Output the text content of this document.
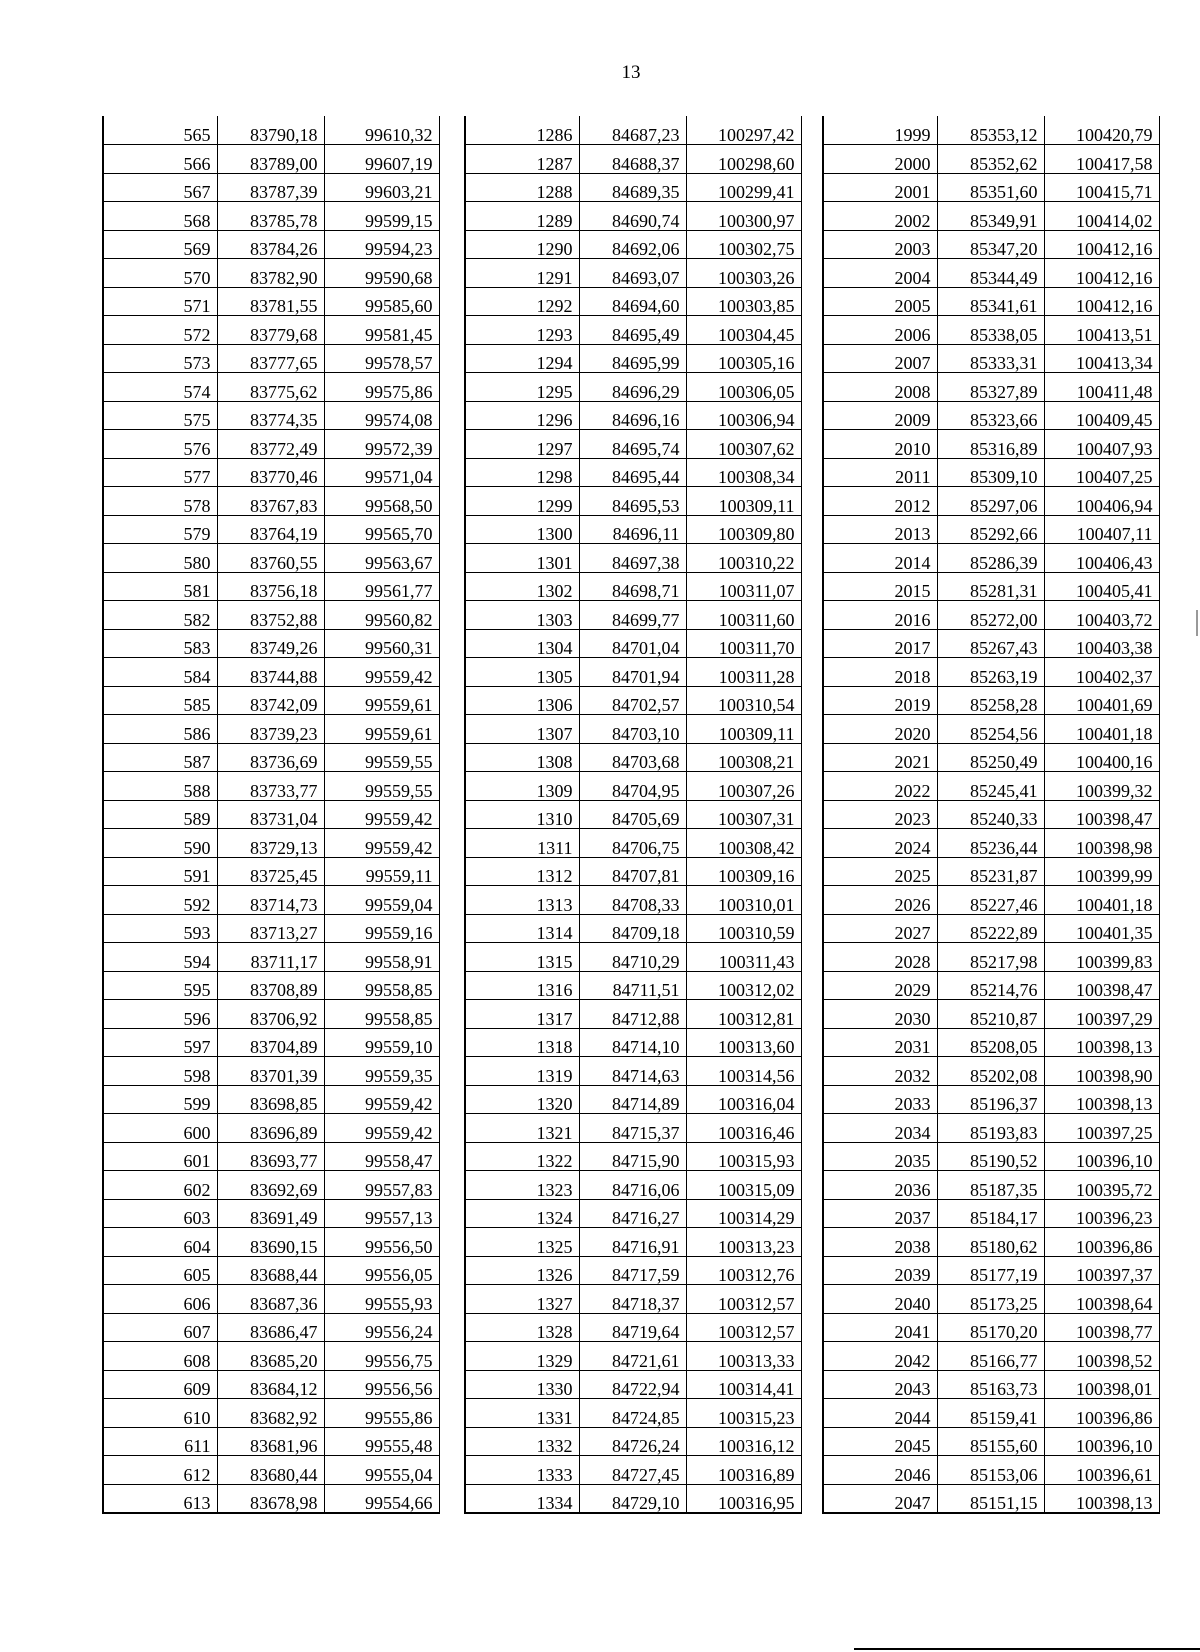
13
565	83790,18	99610,32
566	83789,00	99607,19
567	83787,39	99603,21
568	83785,78	99599,15
569	83784,26	99594,23
570	83782,90	99590,68
571	83781,55	99585,60
572	83779,68	99581,45
573	83777,65	99578,57
574	83775,62	99575,86
575	83774,35	99574,08
576	83772,49	99572,39
577	83770,46	99571,04
578	83767,83	99568,50
579	83764,19	99565,70
580	83760,55	99563,67
581	83756,18	99561,77
582	83752,88	99560,82
583	83749,26	99560,31
584	83744,88	99559,42
585	83742,09	99559,61
586	83739,23	99559,61
587	83736,69	99559,55
588	83733,77	99559,55
589	83731,04	99559,42
590	83729,13	99559,42
591	83725,45	99559,11
592	83714,73	99559,04
593	83713,27	99559,16
594	83711,17	99558,91
595	83708,89	99558,85
596	83706,92	99558,85
597	83704,89	99559,10
598	83701,39	99559,35
599	83698,85	99559,42
600	83696,89	99559,42
601	83693,77	99558,47
602	83692,69	99557,83
603	83691,49	99557,13
604	83690,15	99556,50
605	83688,44	99556,05
606	83687,36	99555,93
607	83686,47	99556,24
608	83685,20	99556,75
609	83684,12	99556,56
610	83682,92	99555,86
611	83681,96	99555,48
612	83680,44	99555,04
613	83678,98	99554,66
1286	84687,23	100297,42
1287	84688,37	100298,60
1288	84689,35	100299,41
1289	84690,74	100300,97
1290	84692,06	100302,75
1291	84693,07	100303,26
1292	84694,60	100303,85
1293	84695,49	100304,45
1294	84695,99	100305,16
1295	84696,29	100306,05
1296	84696,16	100306,94
1297	84695,74	100307,62
1298	84695,44	100308,34
1299	84695,53	100309,11
1300	84696,11	100309,80
1301	84697,38	100310,22
1302	84698,71	100311,07
1303	84699,77	100311,60
1304	84701,04	100311,70
1305	84701,94	100311,28
1306	84702,57	100310,54
1307	84703,10	100309,11
1308	84703,68	100308,21
1309	84704,95	100307,26
1310	84705,69	100307,31
1311	84706,75	100308,42
1312	84707,81	100309,16
1313	84708,33	100310,01
1314	84709,18	100310,59
1315	84710,29	100311,43
1316	84711,51	100312,02
1317	84712,88	100312,81
1318	84714,10	100313,60
1319	84714,63	100314,56
1320	84714,89	100316,04
1321	84715,37	100316,46
1322	84715,90	100315,93
1323	84716,06	100315,09
1324	84716,27	100314,29
1325	84716,91	100313,23
1326	84717,59	100312,76
1327	84718,37	100312,57
1328	84719,64	100312,57
1329	84721,61	100313,33
1330	84722,94	100314,41
1331	84724,85	100315,23
1332	84726,24	100316,12
1333	84727,45	100316,89
1334	84729,10	100316,95
1999	85353,12	100420,79
2000	85352,62	100417,58
2001	85351,60	100415,71
2002	85349,91	100414,02
2003	85347,20	100412,16
2004	85344,49	100412,16
2005	85341,61	100412,16
2006	85338,05	100413,51
2007	85333,31	100413,34
2008	85327,89	100411,48
2009	85323,66	100409,45
2010	85316,89	100407,93
2011	85309,10	100407,25
2012	85297,06	100406,94
2013	85292,66	100407,11
2014	85286,39	100406,43
2015	85281,31	100405,41
2016	85272,00	100403,72
2017	85267,43	100403,38
2018	85263,19	100402,37
2019	85258,28	100401,69
2020	85254,56	100401,18
2021	85250,49	100400,16
2022	85245,41	100399,32
2023	85240,33	100398,47
2024	85236,44	100398,98
2025	85231,87	100399,99
2026	85227,46	100401,18
2027	85222,89	100401,35
2028	85217,98	100399,83
2029	85214,76	100398,47
2030	85210,87	100397,29
2031	85208,05	100398,13
2032	85202,08	100398,90
2033	85196,37	100398,13
2034	85193,83	100397,25
2035	85190,52	100396,10
2036	85187,35	100395,72
2037	85184,17	100396,23
2038	85180,62	100396,86
2039	85177,19	100397,37
2040	85173,25	100398,64
2041	85170,20	100398,77
2042	85166,77	100398,52
2043	85163,73	100398,01
2044	85159,41	100396,86
2045	85155,60	100396,10
2046	85153,06	100396,61
2047	85151,15	100398,13
